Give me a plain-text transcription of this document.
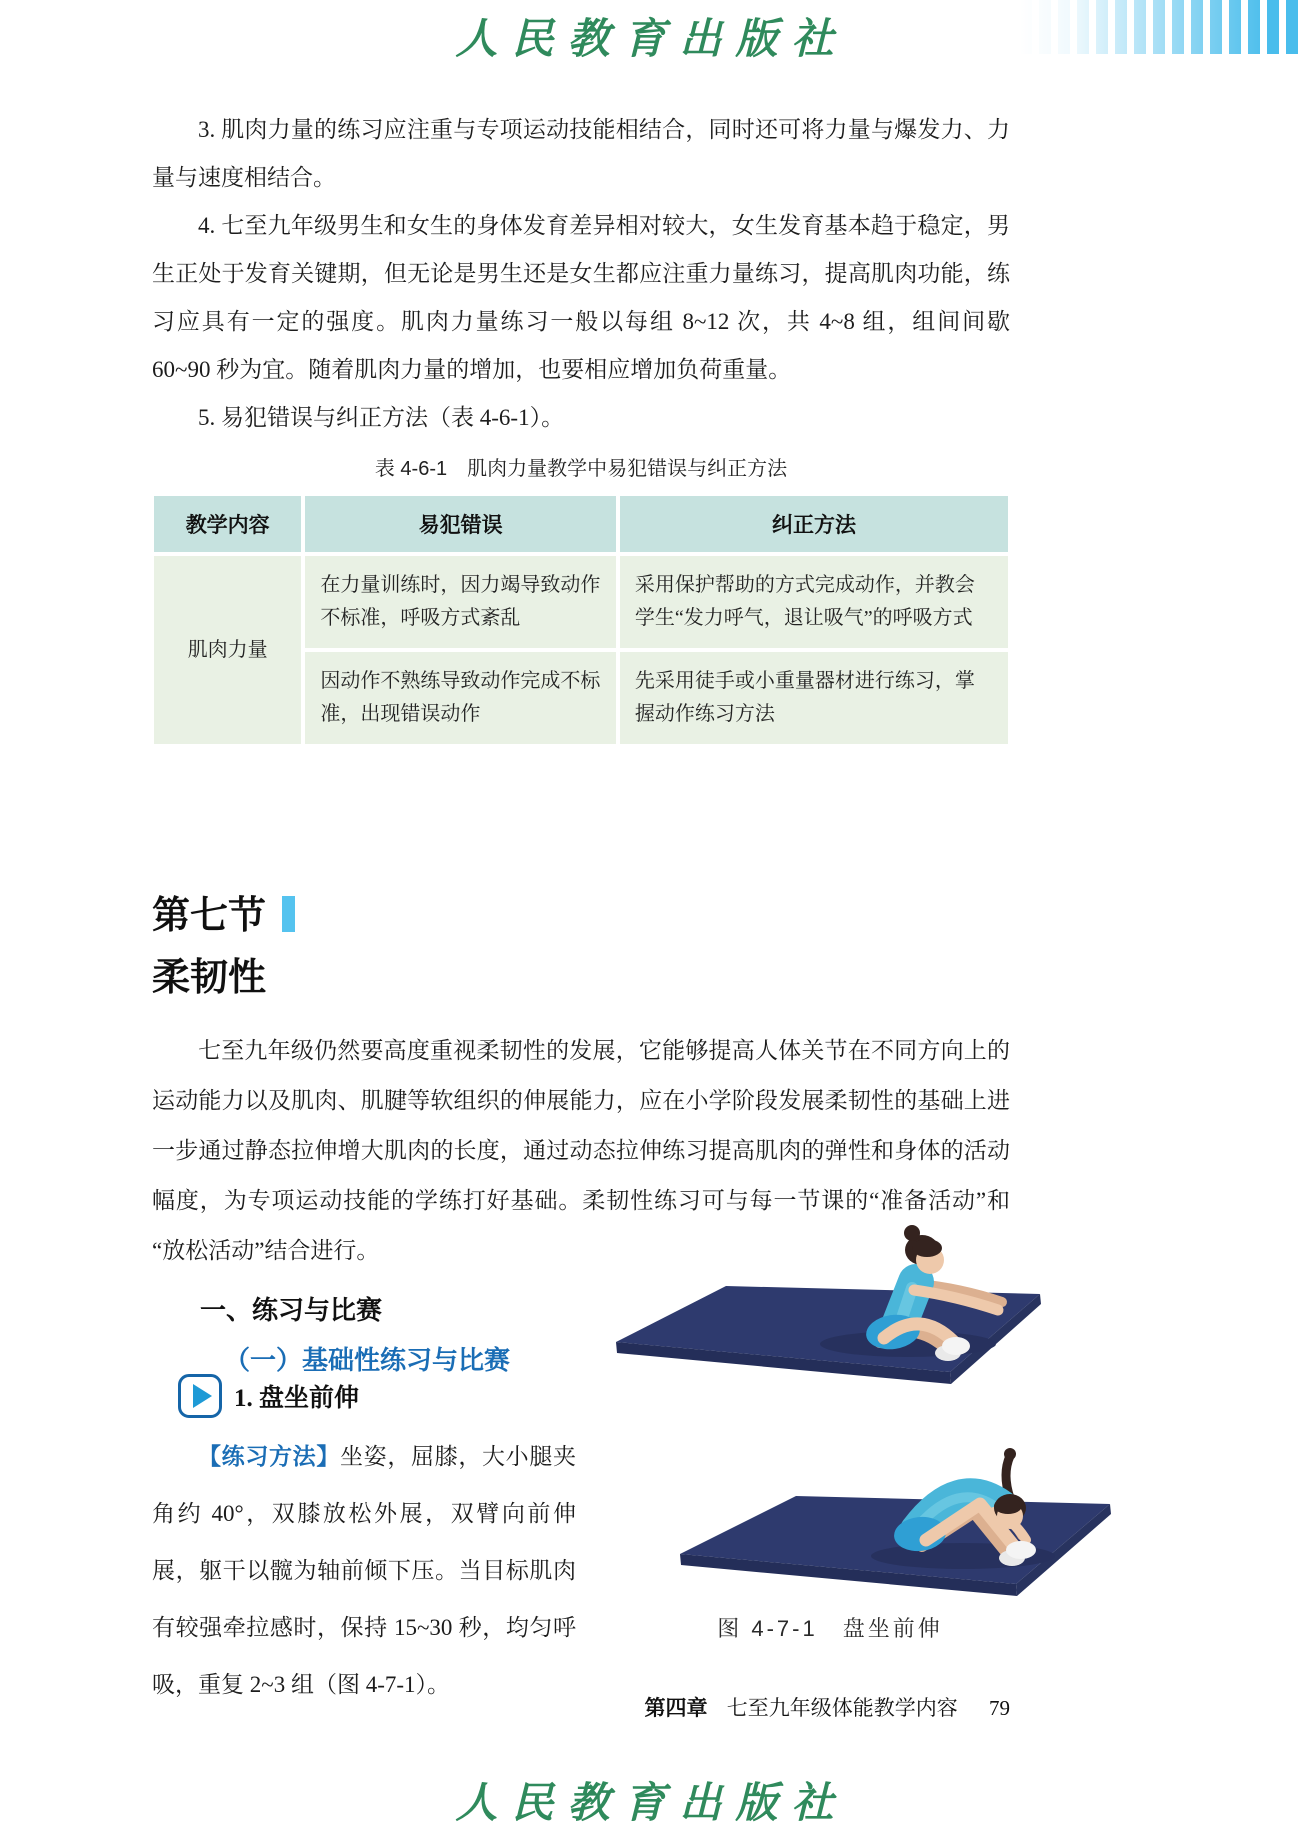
人民教育出版社

3. 肌肉力量的练习应注重与专项运动技能相结合，同时还可将力量与爆发力、力量与速度相结合。

4. 七至九年级男生和女生的身体发育差异相对较大，女生发育基本趋于稳定，男生正处于发育关键期，但无论是男生还是女生都应注重力量练习，提高肌肉功能，练习应具有一定的强度。肌肉力量练习一般以每组 8~12 次，共 4~8 组，组间间歇 60~90 秒为宜。随着肌肉力量的增加，也要相应增加负荷重量。

5. 易犯错误与纠正方法（表 4-6-1）。

表 4-6-1　肌肉力量教学中易犯错误与纠正方法
教学内容	易犯错误	纠正方法
肌肉力量	在力量训练时，因力竭导致动作不标准，呼吸方式紊乱	采用保护帮助的方式完成动作，并教会学生“发力呼气，退让吸气”的呼吸方式
	因动作不熟练导致动作完成不标准，出现错误动作	先采用徒手或小重量器材进行练习，掌握动作练习方法
第七节
柔韧性
七至九年级仍然要高度重视柔韧性的发展，它能够提高人体关节在不同方向上的运动能力以及肌肉、肌腱等软组织的伸展能力，应在小学阶段发展柔韧性的基础上进一步通过静态拉伸增大肌肉的长度，通过动态拉伸练习提高肌肉的弹性和身体的活动幅度，为专项运动技能的学练打好基础。柔韧性练习可与每一节课的“准备活动”和“放松活动”结合进行。
一、练习与比赛
（一）基础性练习与比赛
1. 盘坐前伸
【练习方法】坐姿，屈膝，大小腿夹角约 40°，双膝放松外展，双臂向前伸展，躯干以髋为轴前倾下压。当目标肌肉有较强牵拉感时，保持 15~30 秒，均匀呼吸，重复 2~3 组（图 4-7-1）。
图 4-7-1　盘坐前伸
第四章 七至九年级体能教学内容 79
人民教育出版社
